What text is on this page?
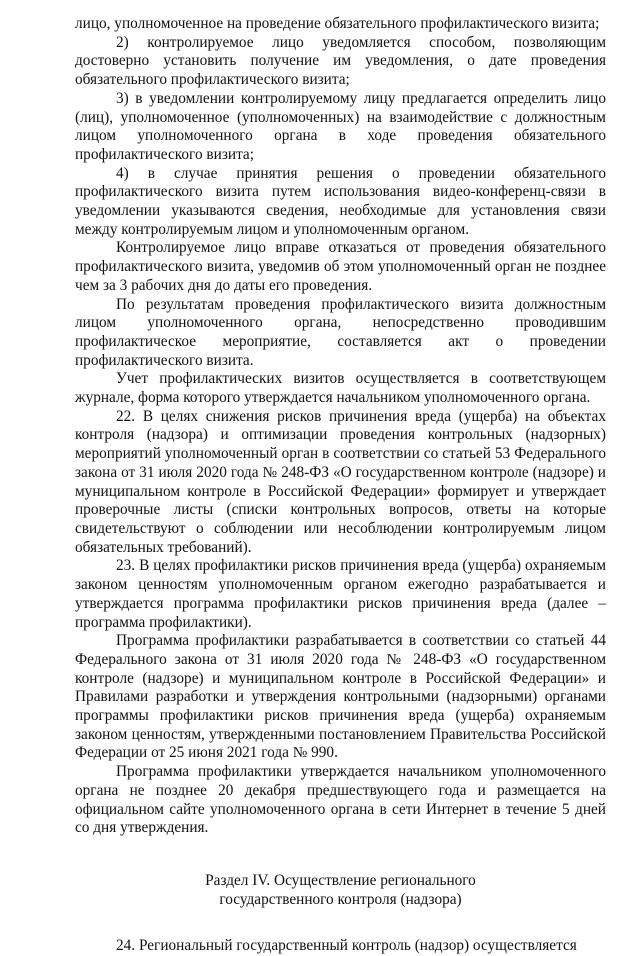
лицо, уполномоченное на проведение обязательного профилактического визита;

2) контролируемое лицо уведомляется способом, позволяющим достоверно установить получение им уведомления, о дате проведения обязательного профилактического визита;

3) в уведомлении контролируемому лицу предлагается определить лицо (лиц), уполномоченное (уполномоченных) на взаимодействие с должностным лицом уполномоченного органа в ходе проведения обязательного профилактического визита;

4) в случае принятия решения о проведении обязательного профилактического визита путем использования видео-конференц-связи в уведомлении указываются сведения, необходимые для установления связи между контролируемым лицом и уполномоченным органом.

Контролируемое лицо вправе отказаться от проведения обязательного профилактического визита, уведомив об этом уполномоченный орган не позднее чем за 3 рабочих дня до даты его проведения.

По результатам проведения профилактического визита должностным лицом уполномоченного органа, непосредственно проводившим профилактическое мероприятие, составляется акт о проведении профилактического визита.

Учет профилактических визитов осуществляется в соответствующем журнале, форма которого утверждается начальником уполномоченного органа.

22. В целях снижения рисков причинения вреда (ущерба) на объектах контроля (надзора) и оптимизации проведения контрольных (надзорных) мероприятий уполномоченный орган в соответствии со статьей 53 Федерального закона от 31 июля 2020 года № 248-ФЗ «О государственном контроле (надзоре) и муниципальном контроле в Российской Федерации» формирует и утверждает проверочные листы (списки контрольных вопросов, ответы на которые свидетельствуют о соблюдении или несоблюдении контролируемым лицом обязательных требований).

23. В целях профилактики рисков причинения вреда (ущерба) охраняемым законом ценностям уполномоченным органом ежегодно разрабатывается и утверждается программа профилактики рисков причинения вреда (далее – программа профилактики).

Программа профилактики разрабатывается в соответствии со статьей 44 Федерального закона от 31 июля 2020 года № 248-ФЗ «О государственном контроле (надзоре) и муниципальном контроле в Российской Федерации» и Правилами разработки и утверждения контрольными (надзорными) органами программы профилактики рисков причинения вреда (ущерба) охраняемым законом ценностям, утвержденными постановлением Правительства Российской Федерации от 25 июня 2021 года № 990.

Программа профилактики утверждается начальником уполномоченного органа не позднее 20 декабря предшествующего года и размещается на официальном сайте уполномоченного органа в сети Интернет в течение 5 дней со дня утверждения.

Раздел IV. Осуществление регионального
государственного контроля (надзора)

24. Региональный государственный контроль (надзор) осуществляется
